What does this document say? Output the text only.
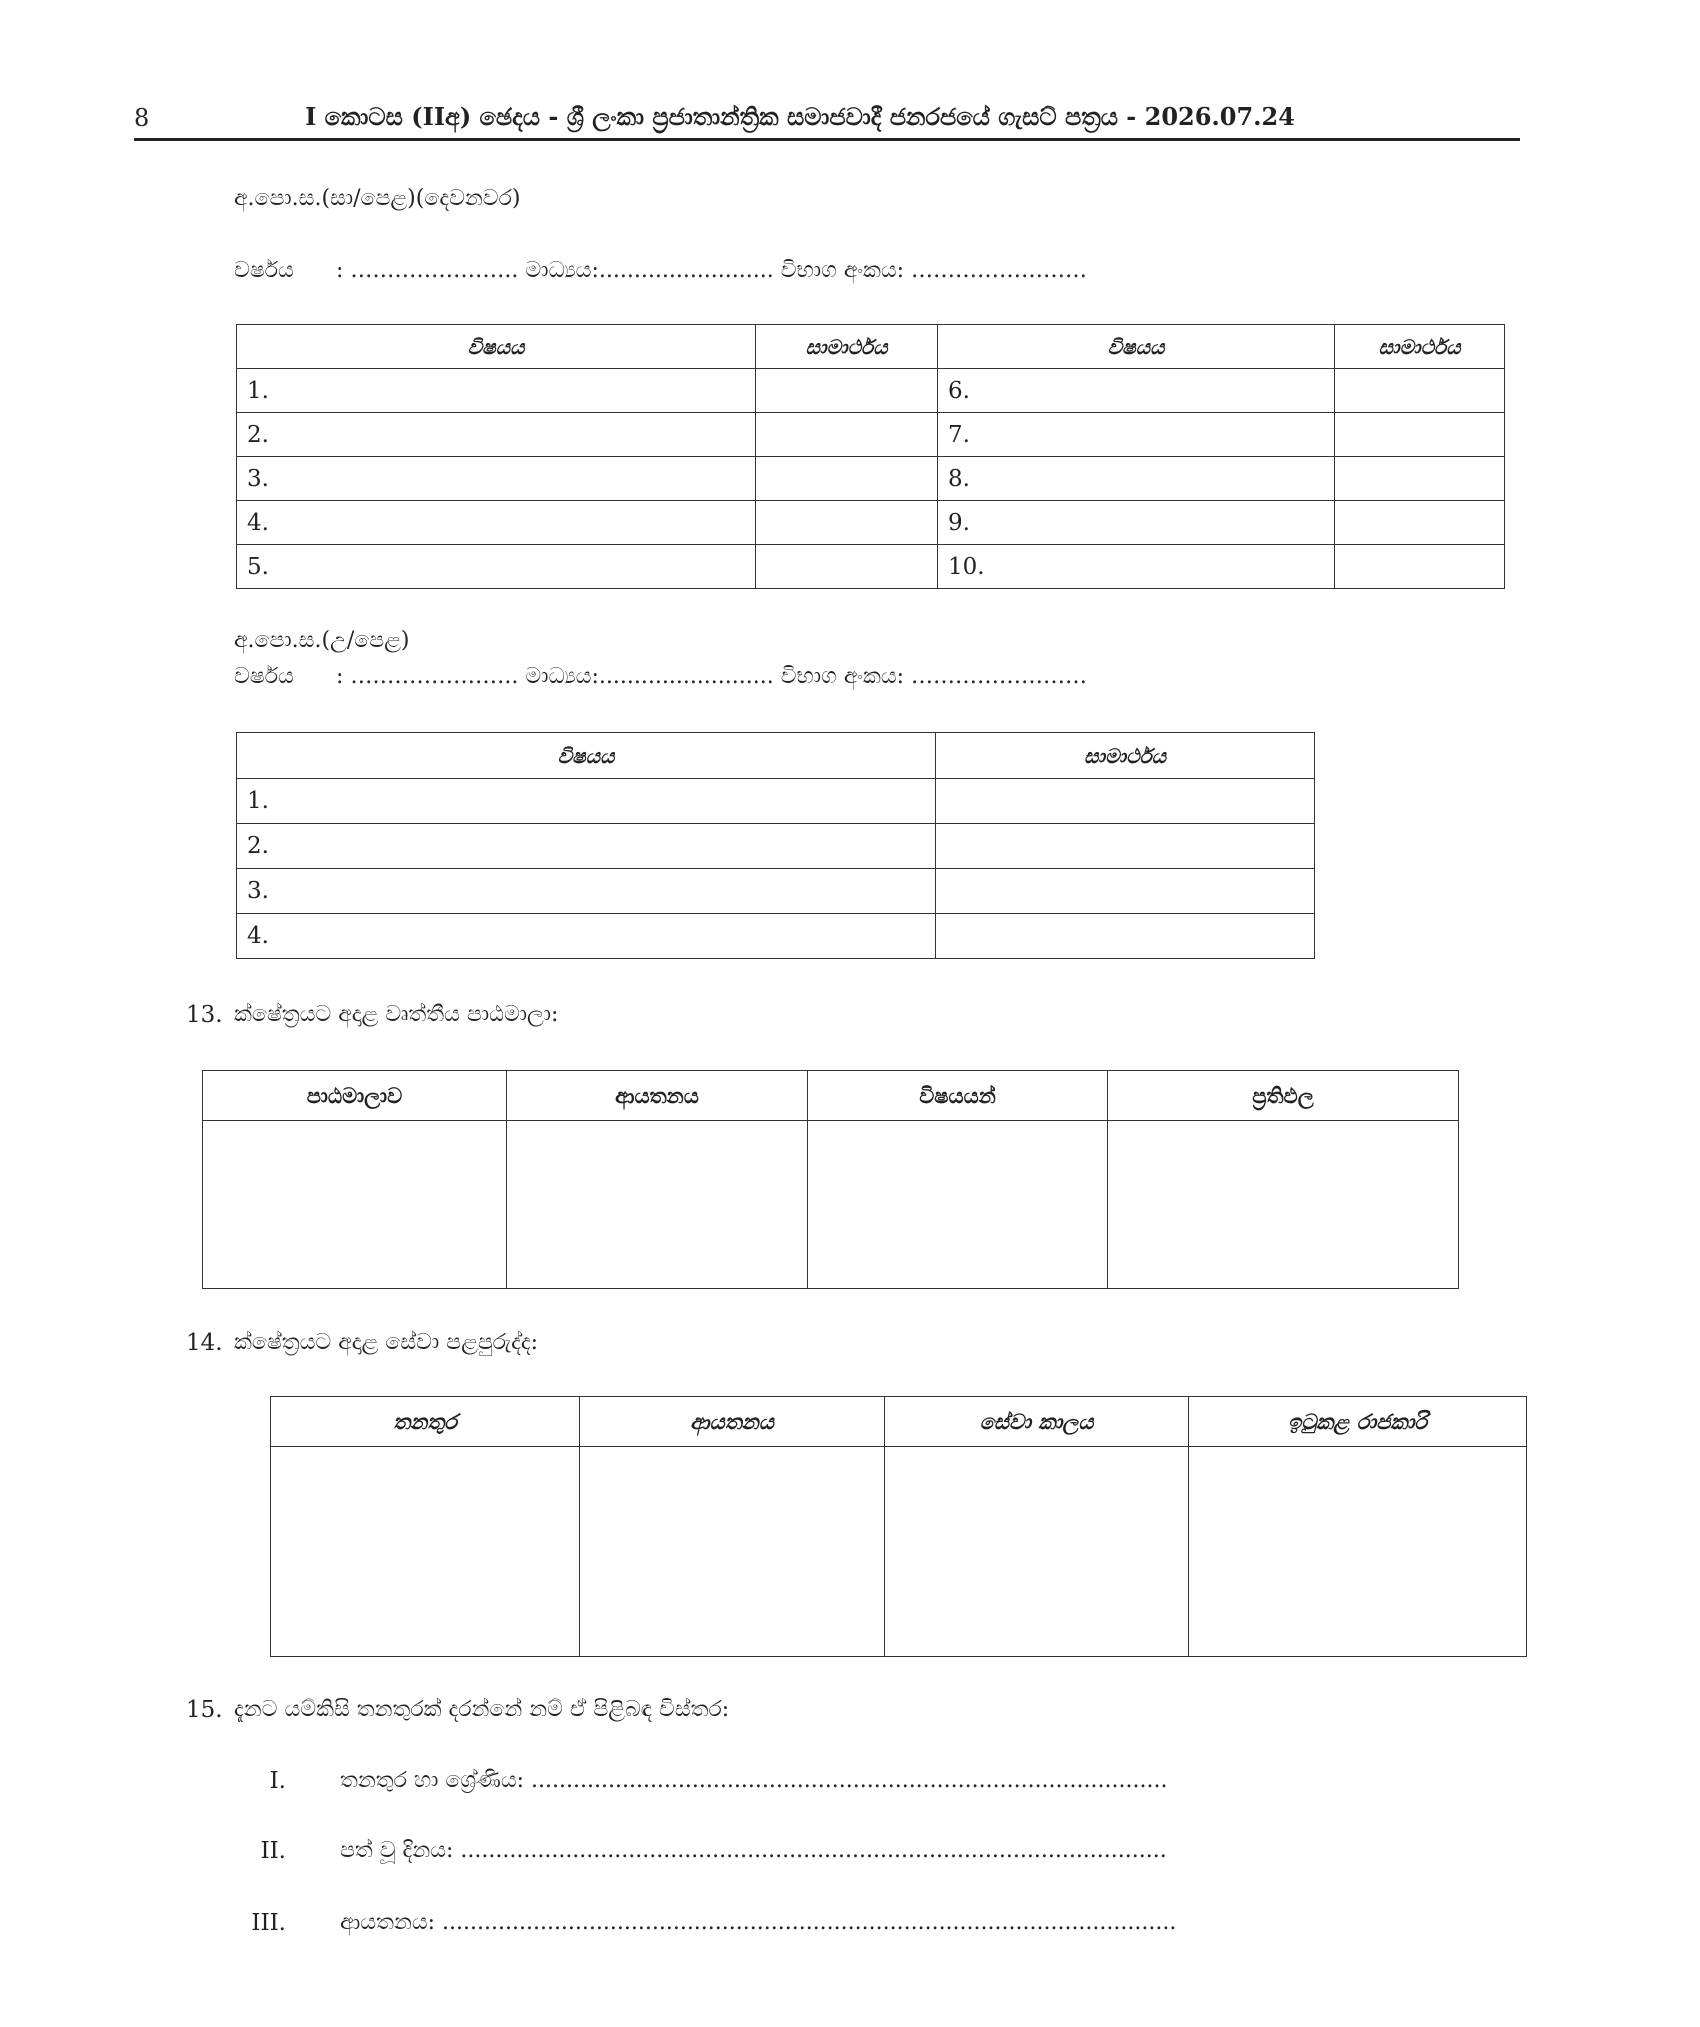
8	I කොටස (IIඅ) ඡෙදය - ශ්‍රී ලංකා ප්‍රජාතාන්ත්‍රික සමාජවාදී ජනරජයේ ගැසට් පත්‍රය - 2026.07.24
අ.පො.ස.(සා/පෙළ)(දෙවනවර)
වර්ෂය : ………………….. මාධ්‍යය:......................... විභාග අංකය: ……………………
විෂයය	සාමාර්ථය	විෂයය	සාමාර්ථය
1.		6.	
2.		7.	
3.		8.	
4.		9.	
5.		10.	
අ.පො.ස.(උ/පෙළ)
වර්ෂය : ………………….. මාධ්‍යය:......................... විභාග අංකය: ……………………
විෂයය	සාමාර්ථය
1.	
2.	
3.	
4.	
13. ක්ෂේත්‍රයට අදාළ වෘත්තීය පාඨමාලා:
පාඨමාලාව	ආයතනය	විෂයයන්	ප්‍රතිඵල

14. ක්ෂේත්‍රයට අදාළ සේවා පළපුරුද්ද:
තනතුර	ආයතනය	සේවා කාලය	ඉටුකළ රාජකාරි

15. දැනට යම්කිසි තනතුරක් දරන්නේ නම් ඒ පිළිබඳ විස්තර:
I. තනතුර හා ශ්‍රේණිය: ...........................................................................................
II. පත් වූ දිනය: .....................................................................................................
III. ආයතනය: .........................................................................................................
